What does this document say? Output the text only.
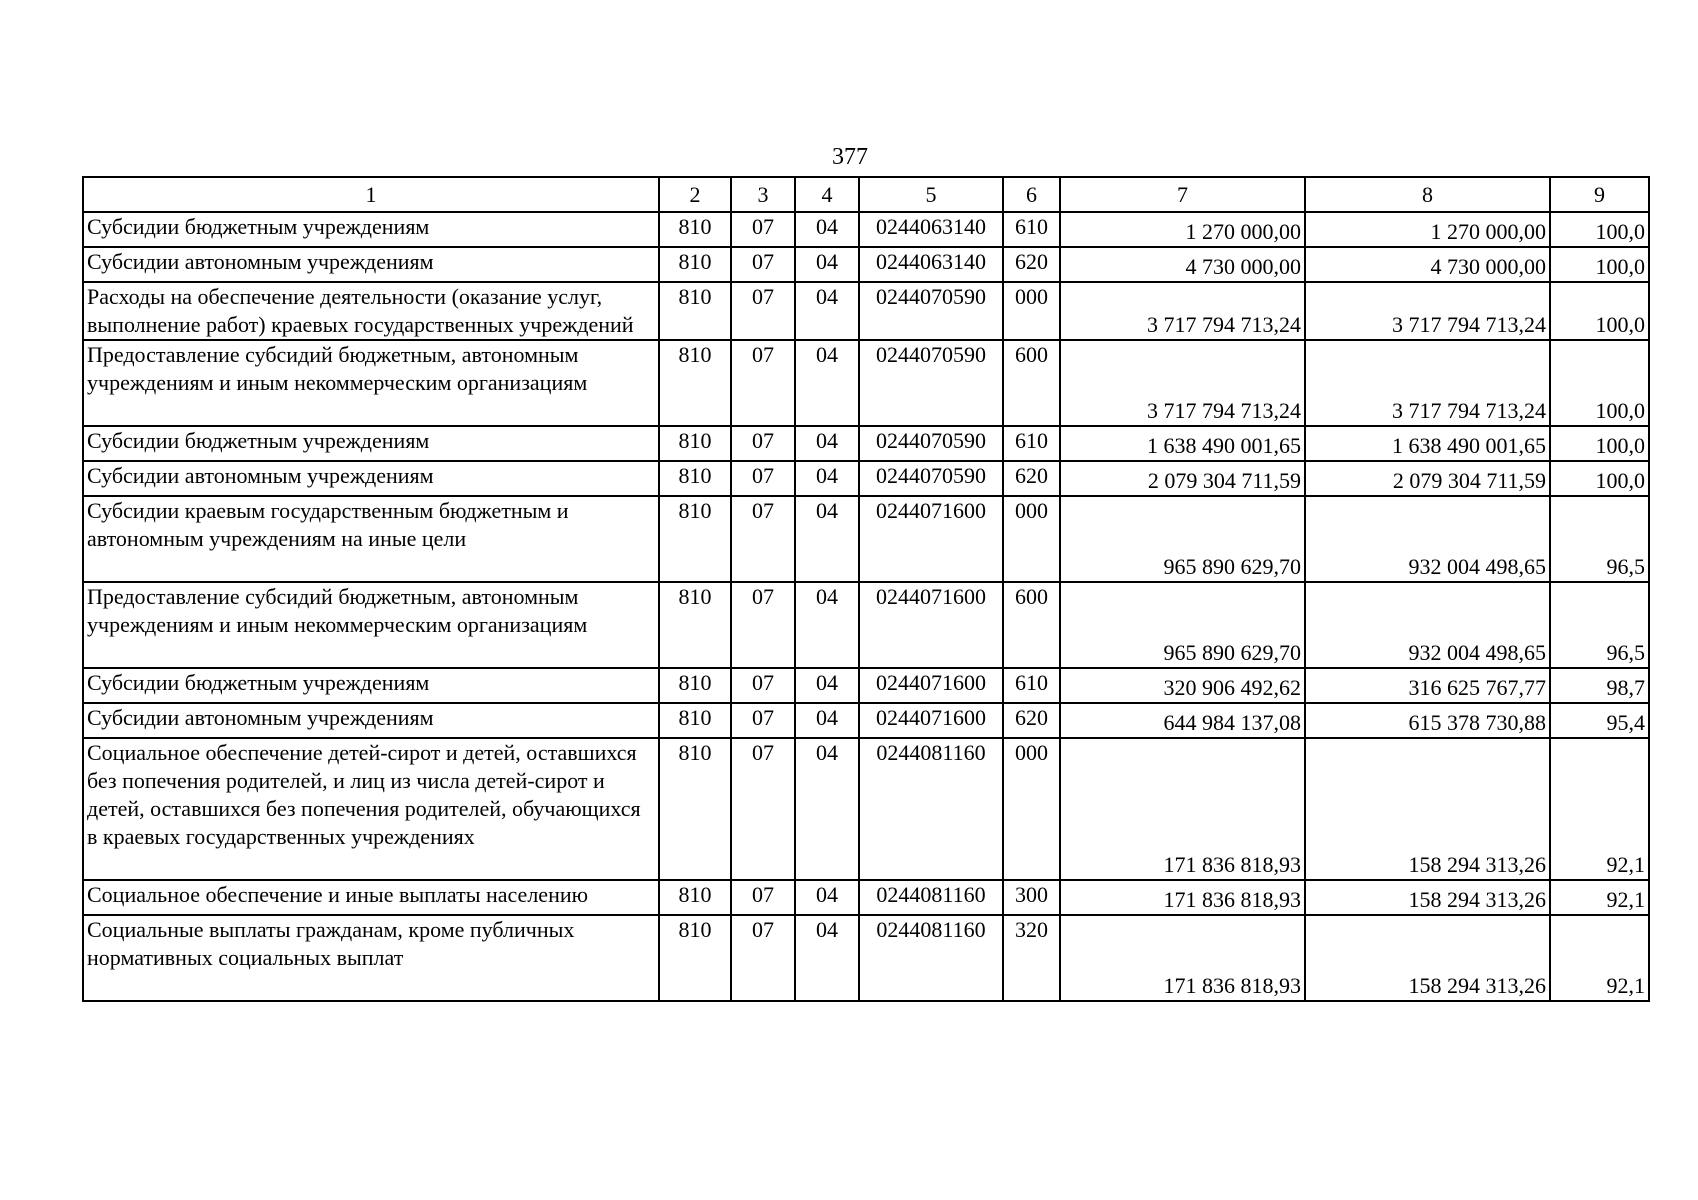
377
1	2	3	4	5	6	7	8	9
Субсидии бюджетным учреждениям	810	07	04	0244063140	610	1 270 000,00	1 270 000,00	100,0
Субсидии автономным учреждениям	810	07	04	0244063140	620	4 730 000,00	4 730 000,00	100,0
Расходы на обеспечение деятельности (оказание услуг, выполнение работ) краевых государственных учреждений	810	07	04	0244070590	000	3 717 794 713,24	3 717 794 713,24	100,0
Предоставление субсидий бюджетным, автономным учреждениям и иным некоммерческим организациям	810	07	04	0244070590	600	3 717 794 713,24	3 717 794 713,24	100,0
Субсидии бюджетным учреждениям	810	07	04	0244070590	610	1 638 490 001,65	1 638 490 001,65	100,0
Субсидии автономным учреждениям	810	07	04	0244070590	620	2 079 304 711,59	2 079 304 711,59	100,0
Субсидии краевым государственным бюджетным и автономным учреждениям на иные цели	810	07	04	0244071600	000	965 890 629,70	932 004 498,65	96,5
Предоставление субсидий бюджетным, автономным учреждениям и иным некоммерческим организациям	810	07	04	0244071600	600	965 890 629,70	932 004 498,65	96,5
Субсидии бюджетным учреждениям	810	07	04	0244071600	610	320 906 492,62	316 625 767,77	98,7
Субсидии автономным учреждениям	810	07	04	0244071600	620	644 984 137,08	615 378 730,88	95,4
Социальное обеспечение детей-сирот и детей, оставшихся без попечения родителей, и лиц из числа детей-сирот и детей, оставшихся без попечения родителей, обучающихся в краевых государственных учреждениях	810	07	04	0244081160	000	171 836 818,93	158 294 313,26	92,1
Социальное обеспечение и иные выплаты населению	810	07	04	0244081160	300	171 836 818,93	158 294 313,26	92,1
Социальные выплаты гражданам, кроме публичных нормативных социальных выплат	810	07	04	0244081160	320	171 836 818,93	158 294 313,26	92,1
